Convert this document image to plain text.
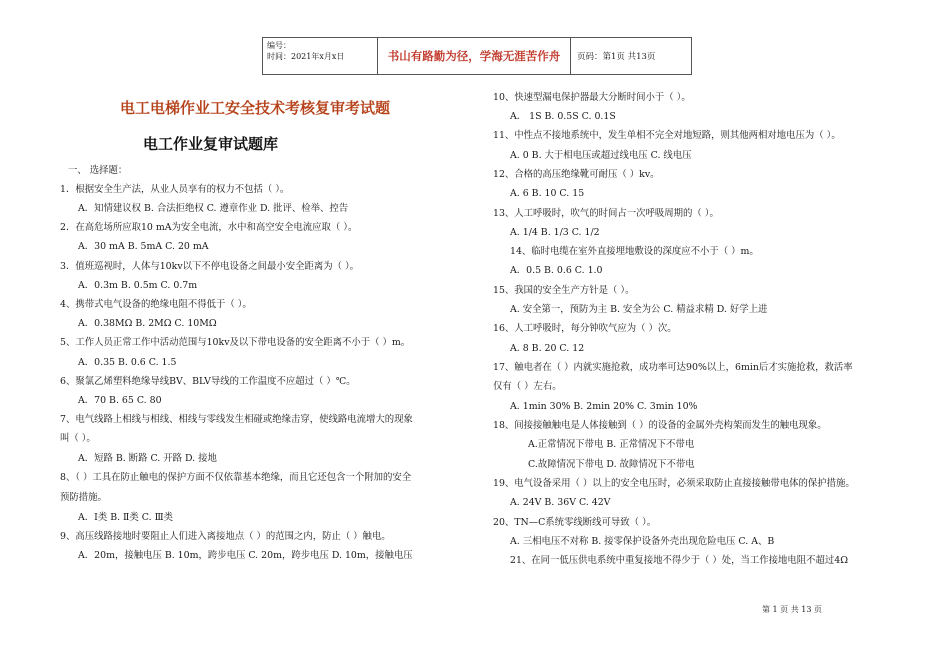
编号：
时间：2021年x月x日	书山有路勤为径，学海无涯苦作舟	页码：第1页 共13页
电工电梯作业工安全技术考核复审考试题
电工作业复审试题库
一、 选择题：
1．根据安全生产法，从业人员享有的权力不包括（ ）。
A．知情建议权 B. 合法拒绝权 C. 遵章作业 D. 批评、检举、控告
2．在高危场所应取10 mA为安全电流，水中和高空安全电流应取（ ）。
A．30 mA B. 5mA C. 20 mA
3．值班巡视时，人体与10kv以下不停电设备之间最小安全距离为（ ）。
A．0.3m B. 0.5m C. 0.7m
4、携带式电气设备的绝缘电阻不得低于（ ）。
A．0.38MΩ B. 2MΩ C. 10MΩ
5、工作人员正常工作中活动范围与10kv及以下带电设备的安全距离不小于（ ）m。
A．0.35 B. 0.6 C. 1.5
6、聚氯乙烯塑料绝缘导线BV、BLV导线的工作温度不应超过（ ）℃。
A．70 B. 65 C. 80
7、电气线路上相线与相线、相线与零线发生相碰或绝缘击穿，使线路电流增大的现象
叫（ ）。
A．短路 B. 断路 C. 开路 D. 接地
8、（ ）工具在防止触电的保护方面不仅依靠基本绝缘，而且它还包含一个附加的安全
预防措施。
A．Ⅰ类 B. Ⅱ类 C. Ⅲ类
9、高压线路接地时要阻止人们进入离接地点（ ）的范围之内，防止（ ）触电。
A．20m，接触电压 B. 10m，跨步电压 C. 20m，跨步电压 D. 10m，接触电压
10、快速型漏电保护器最大分断时间小于（ ）。
A． 1S B. 0.5S C. 0.1S
11、中性点不接地系统中，发生单相不完全对地短路，则其他两相对地电压为（ ）。
A. 0 B. 大于相电压或超过线电压 C. 线电压
12、合格的高压绝缘靴可耐压（ ）kv。
A. 6 B. 10 C. 15
13、人工呼吸时，吹气的时间占一次呼吸周期的（ ）。
A. 1/4 B. 1/3 C. 1/2
14、临时电缆在室外直接埋地敷设的深度应不小于（ ）m。
A．0.5 B. 0.6 C. 1.0
15、我国的安全生产方针是（ ）。
A. 安全第一，预防为主 B. 安全为公 C. 精益求精 D. 好学上进
16、人工呼吸时，每分钟吹气应为（ ）次。
A. 8 B. 20 C. 12
17、触电者在（ ）内就实施抢救，成功率可达90%以上，6min后才实施抢救，救活率
仅有（ ）左右。
A. 1min 30% B. 2min 20% C. 3min 10%
18、间接接触触电是人体接触到（ ）的设备的金属外壳构架而发生的触电现象。
A.正常情况下带电 B. 正常情况下不带电
C.故障情况下带电 D. 故障情况下不带电
19、电气设备采用（ ）以上的安全电压时，必须采取防止直接接触带电体的保护措施。
A. 24V B. 36V C. 42V
20、TN—C系统零线断线可导致（ ）。
A. 三相电压不对称 B. 接零保护设备外壳出现危险电压 C. A、B
21、在同一低压供电系统中重复接地不得少于（ ）处，当工作接地电阻不超过4Ω
第 1 页 共 13 页
